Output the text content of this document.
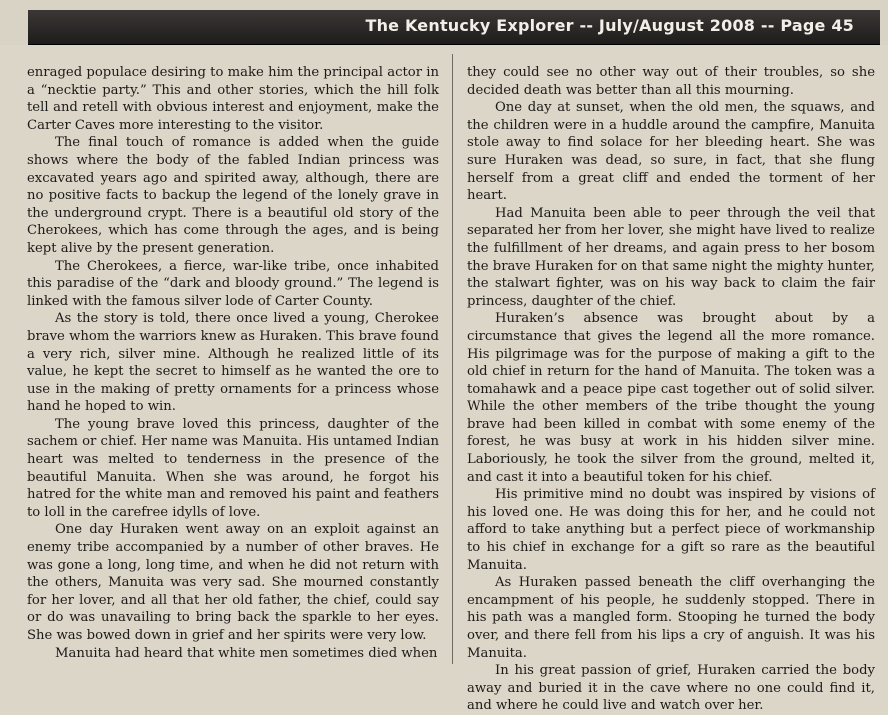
The Kentucky Explorer -- July/August 2008 -- Page 45

enraged populace desiring to make him the principal actor in a “necktie party.” This and other stories, which the hill folk tell and retell with obvious interest and enjoyment, make the Carter Caves more interesting to the visitor.

The final touch of romance is added when the guide shows where the body of the fabled Indian princess was excavated years ago and spirited away, although, there are no positive facts to backup the legend of the lonely grave in the underground crypt. There is a beautiful old story of the Cherokees, which has come through the ages, and is being kept alive by the present generation.

The Cherokees, a fierce, war-like tribe, once inhabited this paradise of the “dark and bloody ground.” The legend is linked with the famous silver lode of Carter County.

As the story is told, there once lived a young, Cherokee brave whom the warriors knew as Huraken. This brave found a very rich, silver mine. Although he realized little of its value, he kept the secret to himself as he wanted the ore to use in the making of pretty ornaments for a princess whose hand he hoped to win.

The young brave loved this princess, daughter of the sachem or chief. Her name was Manuita. His untamed Indian heart was melted to tenderness in the presence of the beautiful Manuita. When she was around, he forgot his hatred for the white man and removed his paint and feathers to loll in the carefree idylls of love.

One day Huraken went away on an exploit against an enemy tribe accompanied by a number of other braves. He was gone a long, long time, and when he did not return with the others, Manuita was very sad. She mourned constantly for her lover, and all that her old father, the chief, could say or do was unavailing to bring back the sparkle to her eyes. She was bowed down in grief and her spirits were very low.

Manuita had heard that white men sometimes died when

they could see no other way out of their troubles, so she decided death was better than all this mourning.

One day at sunset, when the old men, the squaws, and the children were in a huddle around the campfire, Manuita stole away to find solace for her bleeding heart. She was sure Huraken was dead, so sure, in fact, that she flung herself from a great cliff and ended the torment of her heart.

Had Manuita been able to peer through the veil that separated her from her lover, she might have lived to realize the fulfillment of her dreams, and again press to her bosom the brave Huraken for on that same night the mighty hunter, the stalwart fighter, was on his way back to claim the fair princess, daughter of the chief.

Huraken’s absence was brought about by a circumstance that gives the legend all the more romance. His pilgrimage was for the purpose of making a gift to the old chief in return for the hand of Manuita. The token was a tomahawk and a peace pipe cast together out of solid silver. While the other members of the tribe thought the young brave had been killed in combat with some enemy of the forest, he was busy at work in his hidden silver mine. Laboriously, he took the silver from the ground, melted it, and cast it into a beautiful token for his chief.

His primitive mind no doubt was inspired by visions of his loved one. He was doing this for her, and he could not afford to take anything but a perfect piece of workmanship to his chief in exchange for a gift so rare as the beautiful Manuita.

As Huraken passed beneath the cliff overhanging the encampment of his people, he suddenly stopped. There in his path was a mangled form. Stooping he turned the body over, and there fell from his lips a cry of anguish. It was his Manuita.

In his great passion of grief, Huraken carried the body away and buried it in the cave where no one could find it, and where he could live and watch over her.
